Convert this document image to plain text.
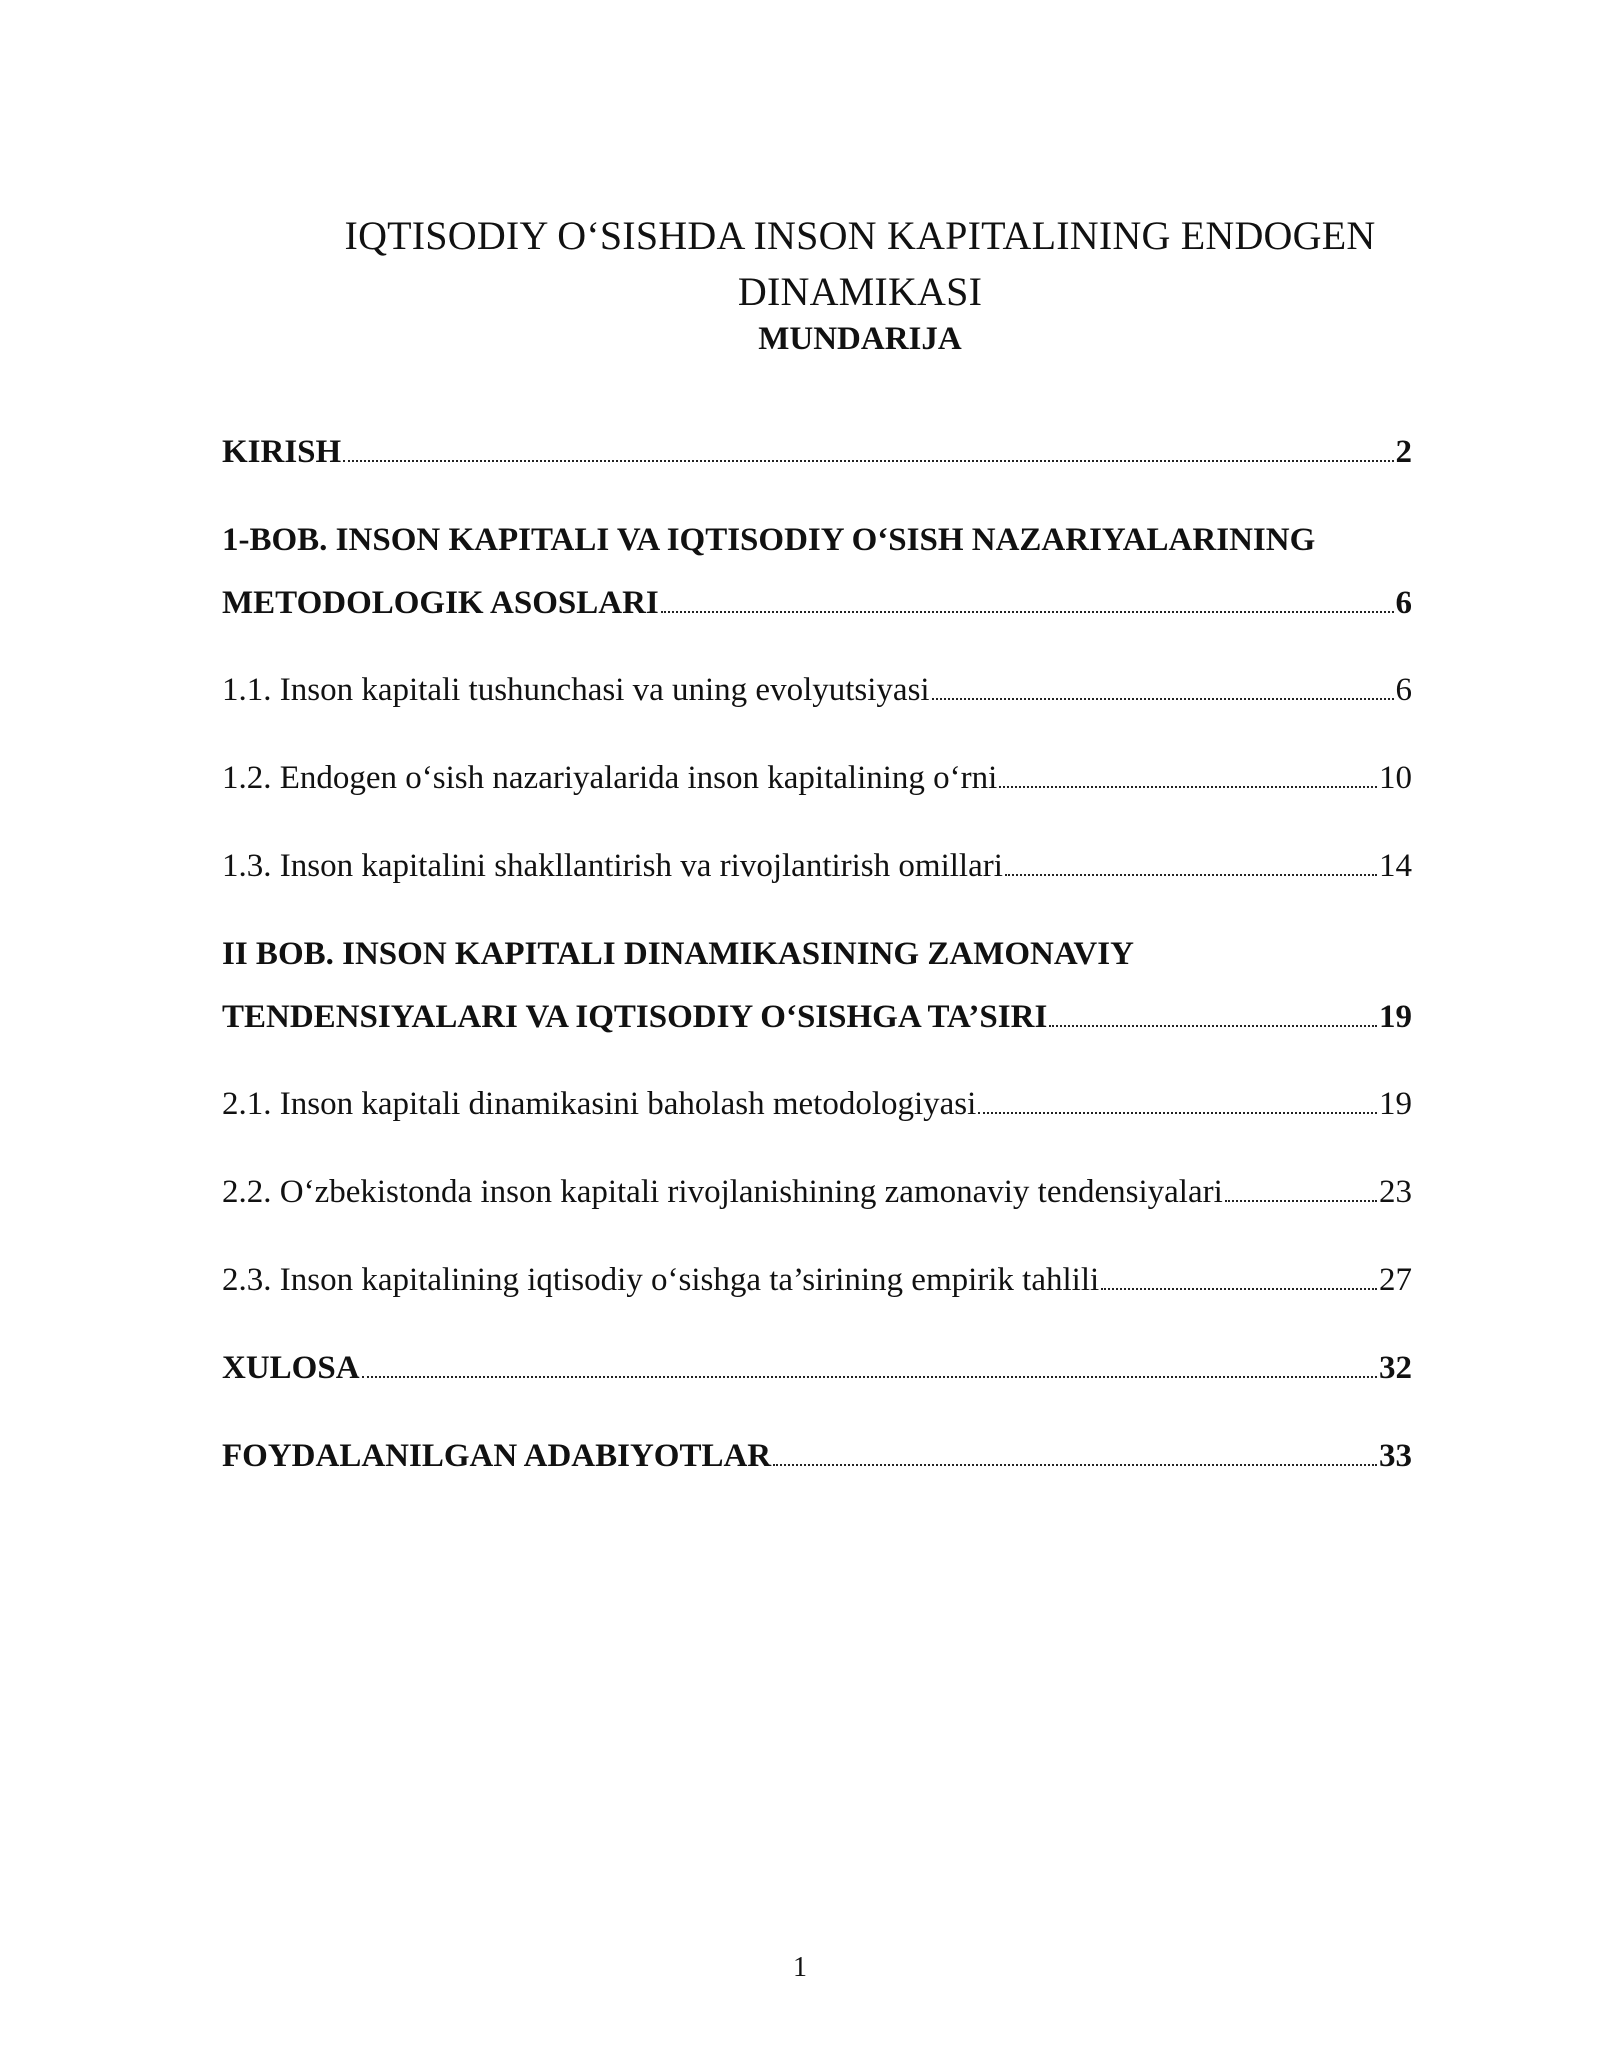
IQTISODIY O‘SISHDA INSON KAPITALINING ENDOGEN DINAMIKASI
MUNDARIJA
KIRISH	2
1-BOB. INSON KAPITALI VA IQTISODIY O‘SISH NAZARIYALARINING
METODOLOGIK ASOSLARI	6
1.1. Inson kapitali tushunchasi va uning evolyutsiyasi	6
1.2. Endogen o‘sish nazariyalarida inson kapitalining o‘rni	10
1.3. Inson kapitalini shakllantirish va rivojlantirish omillari	14
II BOB. INSON KAPITALI DINAMIKASINING ZAMONAVIY
TENDENSIYALARI VA IQTISODIY O‘SISHGA TA’SIRI	19
2.1. Inson kapitali dinamikasini baholash metodologiyasi	19
2.2. O‘zbekistonda inson kapitali rivojlanishining zamonaviy tendensiyalari	23
2.3. Inson kapitalining iqtisodiy o‘sishga ta’sirining empirik tahlili	27
XULOSA	32
FOYDALANILGAN ADABIYOTLAR	33
1
